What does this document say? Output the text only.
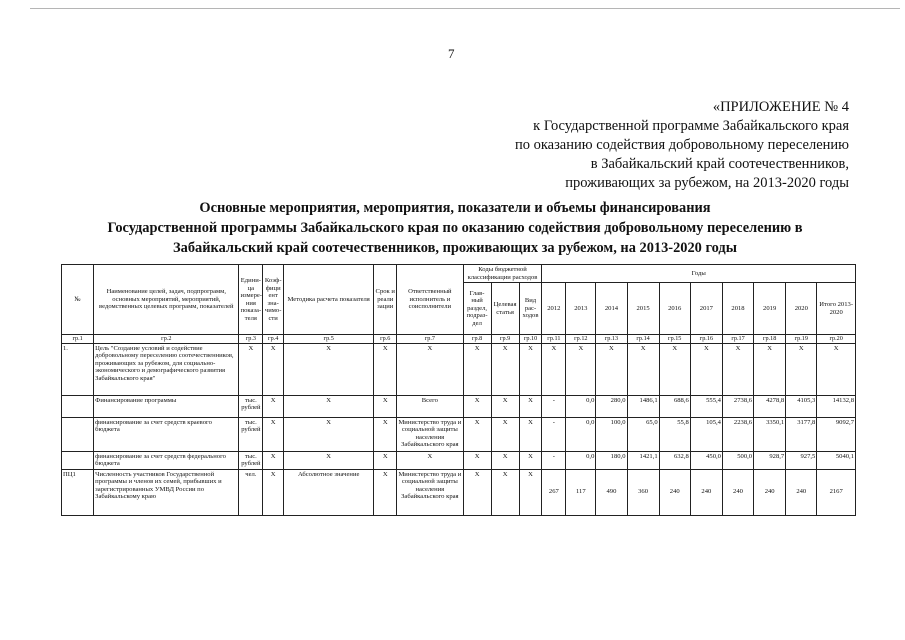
7
«ПРИЛОЖЕНИЕ № 4
к Государственной программе Забайкальского края
по оказанию содействия добровольному переселению
в Забайкальский край соотечественников,
проживающих за рубежом, на 2013-2020 годы
Основные мероприятия, мероприятия, показатели и объемы финансирования
Государственной программы Забайкальского края по оказанию содействия добровольному переселению в
Забайкальский край соотечественников, проживающих за рубежом, на 2013-2020 годы
№	Наименование целей, задач, подпрограмм, основных мероприятий, мероприятий, ведомственных целевых программ, показателей	Едини-ца измере-ния показа-теля	Коэф-фици ент зна-чимо-сти	Методика расчета показателя	Срок и реали зации	Ответственный исполнитель и соисполнители	Коды бюджетной классификации расходов			Годы									
							Глав-ный раздел, подраз-дел	Целевая статья	Вид рас-ходов	2012	2013	2014	2015	2016	2017	2018	2019	2020	Итого 2013-2020
гр.1	гр.2	гр.3	гр.4	гр.5	гр.6	гр.7	гр.8	гр.9	гр.10	гр.11	гр.12	гр.13	гр.14	гр.15	гр.16	гр.17	гр.18	гр.19	гр.20
1.	Цель "Создание условий и содействие добровольному переселению соотечественников, проживающих за рубежом, для социально-экономического и демографического развития Забайкальского края"	X	X	X	X	X	X	X	X	X	X	X	X	X	X	X	X	X	X
	Финансирование программы	тыс. рублей	X	X	X	Всего	X	X	X	-	0,0	280,0	1486,1	688,6	555,4	2738,6	4278,8	4105,3	14132,8
	финансирование за счет средств краевого бюджета	тыс. рублей	X	X	X	Министерство труда и социальной защиты населения Забайкальского края	X	X	X	-	0,0	100,0	65,0	55,8	105,4	2238,6	3350,1	3177,8	9092,7
	финансирование за счет средств федерального бюджета	тыс. рублей	X	X	X	X	X	X	X	-	0,0	180,0	1421,1	632,8	450,0	500,0	928,7	927,5	5040,1
ПЦ1	Численность участников Государственной программы и членов их семей, прибывших и зарегистрированных УМВД России по Забайкальскому краю	чел.	X	Абсолютное значение	X	Министерство труда и социальной защиты населения Забайкальского края	X	X	X	267	117	490	360	240	240	240	240	240	2167
